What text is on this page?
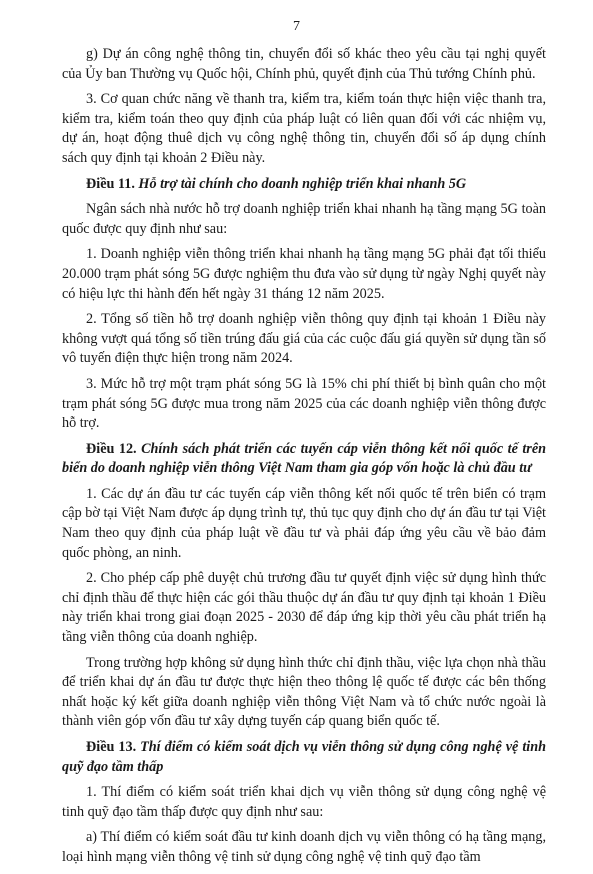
7

g) Dự án công nghệ thông tin, chuyển đổi số khác theo yêu cầu tại nghị quyết của Ủy ban Thường vụ Quốc hội, Chính phủ, quyết định của Thủ tướng Chính phủ.

3. Cơ quan chức năng về thanh tra, kiểm tra, kiểm toán thực hiện việc thanh tra, kiểm tra, kiểm toán theo quy định của pháp luật có liên quan đối với các nhiệm vụ, dự án, hoạt động thuê dịch vụ công nghệ thông tin, chuyển đổi số áp dụng chính sách quy định tại khoản 2 Điều này.

Điều 11. Hỗ trợ tài chính cho doanh nghiệp triển khai nhanh 5G

Ngân sách nhà nước hỗ trợ doanh nghiệp triển khai nhanh hạ tầng mạng 5G toàn quốc được quy định như sau:

1. Doanh nghiệp viễn thông triển khai nhanh hạ tầng mạng 5G phải đạt tối thiểu 20.000 trạm phát sóng 5G được nghiệm thu đưa vào sử dụng từ ngày Nghị quyết này có hiệu lực thi hành đến hết ngày 31 tháng 12 năm 2025.

2. Tổng số tiền hỗ trợ doanh nghiệp viễn thông quy định tại khoản 1 Điều này không vượt quá tổng số tiền trúng đấu giá của các cuộc đấu giá quyền sử dụng tần số vô tuyến điện thực hiện trong năm 2024.

3. Mức hỗ trợ một trạm phát sóng 5G là 15% chi phí thiết bị bình quân cho một trạm phát sóng 5G được mua trong năm 2025 của các doanh nghiệp viễn thông được hỗ trợ.

Điều 12. Chính sách phát triển các tuyến cáp viễn thông kết nối quốc tế trên biển do doanh nghiệp viễn thông Việt Nam tham gia góp vốn hoặc là chủ đầu tư

1. Các dự án đầu tư các tuyến cáp viễn thông kết nối quốc tế trên biển có trạm cập bờ tại Việt Nam được áp dụng trình tự, thủ tục quy định cho dự án đầu tư tại Việt Nam theo quy định của pháp luật về đầu tư và phải đáp ứng yêu cầu về bảo đảm quốc phòng, an ninh.

2. Cho phép cấp phê duyệt chủ trương đầu tư quyết định việc sử dụng hình thức chỉ định thầu để thực hiện các gói thầu thuộc dự án đầu tư quy định tại khoản 1 Điều này triển khai trong giai đoạn 2025 - 2030 để đáp ứng kịp thời yêu cầu phát triển hạ tầng viễn thông của doanh nghiệp.

Trong trường hợp không sử dụng hình thức chỉ định thầu, việc lựa chọn nhà thầu để triển khai dự án đầu tư được thực hiện theo thông lệ quốc tế được các bên thống nhất hoặc ký kết giữa doanh nghiệp viễn thông Việt Nam và tổ chức nước ngoài là thành viên góp vốn đầu tư xây dựng tuyến cáp quang biển quốc tế.

Điều 13. Thí điểm có kiểm soát dịch vụ viễn thông sử dụng công nghệ vệ tinh quỹ đạo tầm thấp

1. Thí điểm có kiểm soát triển khai dịch vụ viễn thông sử dụng công nghệ vệ tinh quỹ đạo tầm thấp được quy định như sau:

a) Thí điểm có kiểm soát đầu tư kinh doanh dịch vụ viễn thông có hạ tầng mạng, loại hình mạng viễn thông vệ tinh sử dụng công nghệ vệ tinh quỹ đạo tầm
